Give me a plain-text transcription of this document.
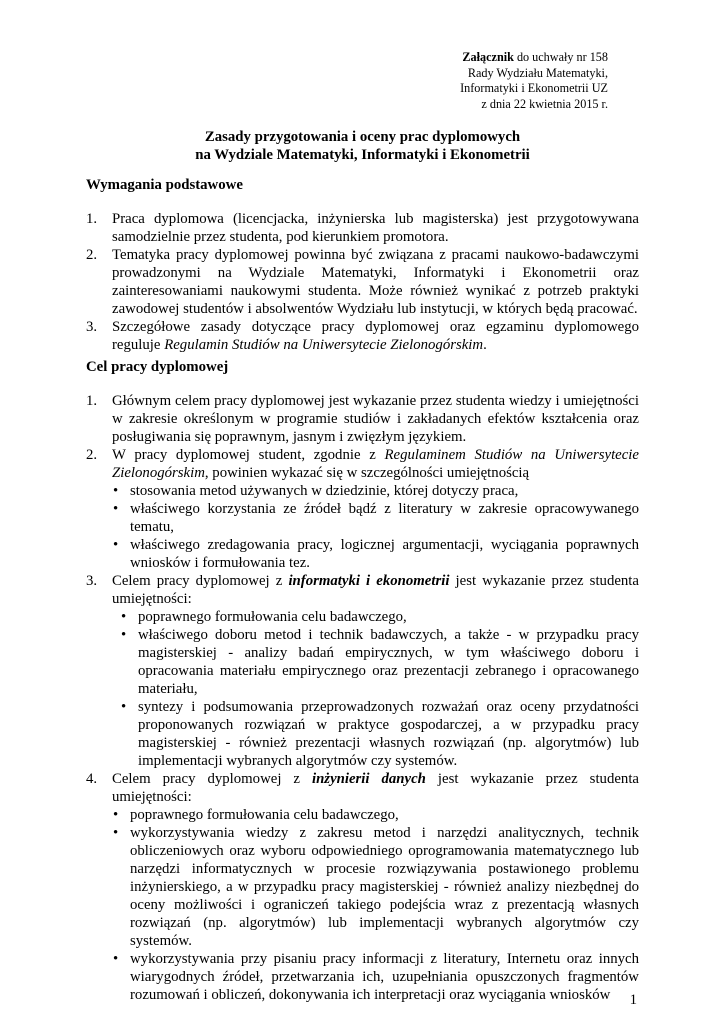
Załącznik do uchwały nr 158
Rady Wydziału Matematyki,
Informatyki i Ekonometrii UZ
z dnia 22 kwietnia 2015 r.
Zasady przygotowania i oceny prac dyplomowych
na Wydziale Matematyki, Informatyki i Ekonometrii
Wymagania podstawowe
1. Praca dyplomowa (licencjacka, inżynierska lub magisterska) jest przygotowywana samodzielnie przez studenta, pod kierunkiem promotora.
2. Tematyka pracy dyplomowej powinna być związana z pracami naukowo-badawczymi prowadzonymi na Wydziale Matematyki, Informatyki i Ekonometrii oraz zainteresowaniami naukowymi studenta. Może również wynikać z potrzeb praktyki zawodowej studentów i absolwentów Wydziału lub instytucji, w których będą pracować.
3. Szczegółowe zasady dotyczące pracy dyplomowej oraz egzaminu dyplomowego reguluje Regulamin Studiów na Uniwersytecie Zielonogórskim.
Cel pracy dyplomowej
1. Głównym celem pracy dyplomowej jest wykazanie przez studenta wiedzy i umiejętności w zakresie określonym w programie studiów i zakładanych efektów kształcenia oraz posługiwania się poprawnym, jasnym i zwięzłym językiem.
2. W pracy dyplomowej student, zgodnie z Regulaminem Studiów na Uniwersytecie Zielonogórskim, powinien wykazać się w szczególności umiejętnością
• stosowania metod używanych w dziedzinie, której dotyczy praca,
• właściwego korzystania ze źródeł bądź z literatury w zakresie opracowywanego tematu,
• właściwego zredagowania pracy, logicznej argumentacji, wyciągania poprawnych wniosków i formułowania tez.
3. Celem pracy dyplomowej z informatyki i ekonometrii jest wykazanie przez studenta umiejętności:
• poprawnego formułowania celu badawczego,
• właściwego doboru metod i technik badawczych, a także - w przypadku pracy magisterskiej - analizy badań empirycznych, w tym właściwego doboru i opracowania materiału empirycznego oraz prezentacji zebranego i opracowanego materiału,
• syntezy i podsumowania przeprowadzonych rozważań oraz oceny przydatności proponowanych rozwiązań w praktyce gospodarczej, a w przypadku pracy magisterskiej - również prezentacji własnych rozwiązań (np. algorytmów) lub implementacji wybranych algorytmów czy systemów.
4. Celem pracy dyplomowej z inżynierii danych jest wykazanie przez studenta umiejętności:
• poprawnego formułowania celu badawczego,
• wykorzystywania wiedzy z zakresu metod i narzędzi analitycznych, technik obliczeniowych oraz wyboru odpowiedniego oprogramowania matematycznego lub narzędzi informatycznych w procesie rozwiązywania postawionego problemu inżynierskiego, a w przypadku pracy magisterskiej - również analizy niezbędnej do oceny możliwości i ograniczeń takiego podejścia wraz z prezentacją własnych rozwiązań (np. algorytmów) lub implementacji wybranych algorytmów czy systemów.
• wykorzystywania przy pisaniu pracy informacji z literatury, Internetu oraz innych wiarygodnych źródeł, przetwarzania ich, uzupełniania opuszczonych fragmentów rozumowań i obliczeń, dokonywania ich interpretacji oraz wyciągania wniosków	1
